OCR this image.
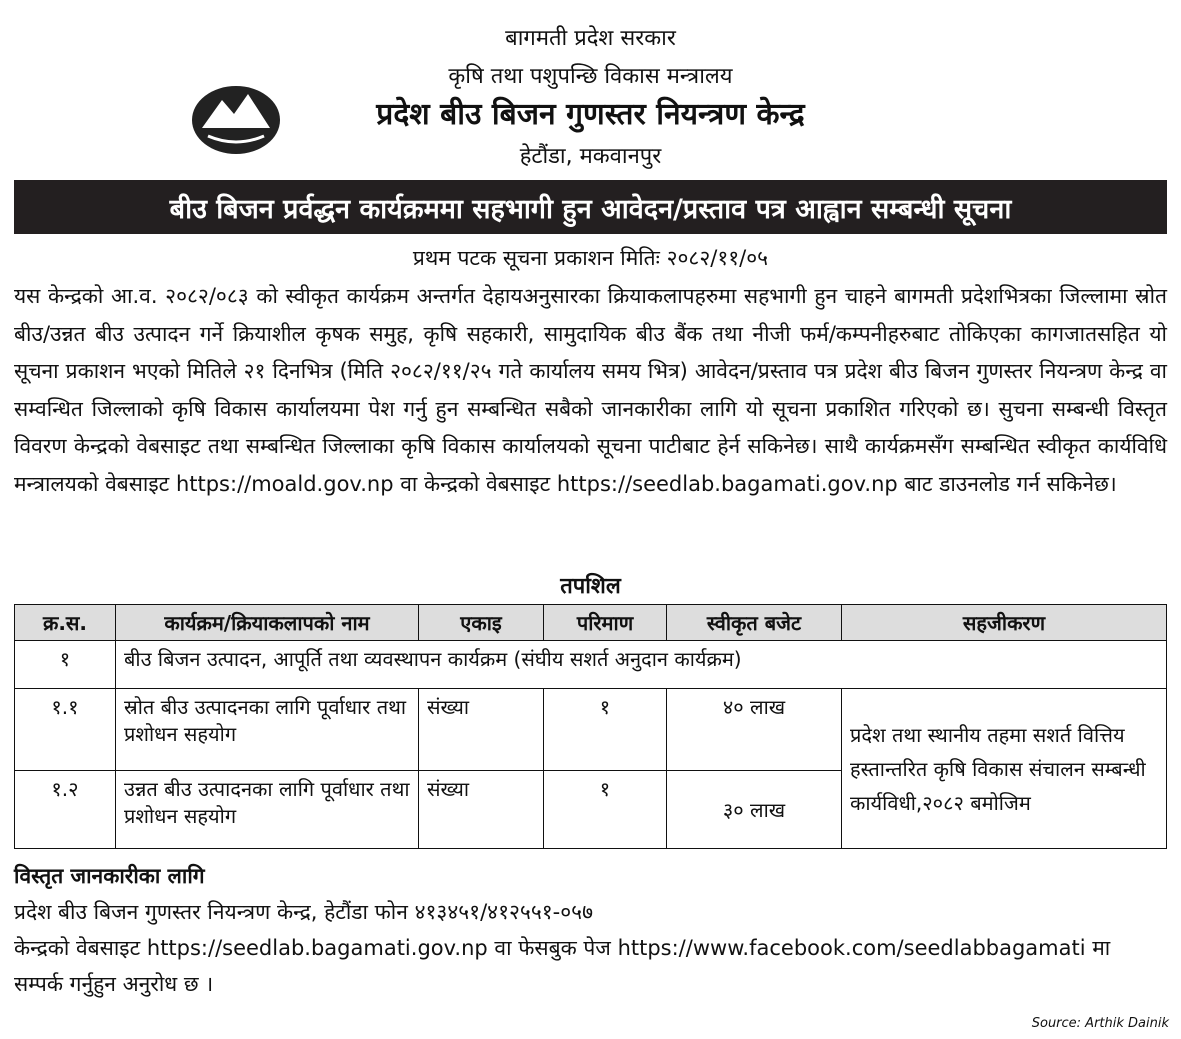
बागमती प्रदेश सरकार
कृषि तथा पशुपन्छि विकास मन्त्रालय
प्रदेश बीउ बिजन गुणस्तर नियन्त्रण केन्द्र
हेटौंडा, मकवानपुर
बीउ बिजन प्रर्वद्धन कार्यक्रममा सहभागी हुन आवेदन/प्रस्ताव पत्र आह्वान सम्बन्धी सूचना
प्रथम पटक सूचना प्रकाशन मितिः २०८२/११/०५
यस केन्द्रको आ.व. २०८२/०८३ को स्वीकृत कार्यक्रम अन्तर्गत देहायअनुसारका क्रियाकलापहरुमा सहभागी हुन चाहने बागमती प्रदेशभित्रका जिल्लामा स्रोत बीउ/उन्नत बीउ उत्पादन गर्ने क्रियाशील कृषक समुह, कृषि सहकारी, सामुदायिक बीउ बैंक तथा नीजी फर्म/कम्पनीहरुबाट तोकिएका कागजातसहित यो सूचना प्रकाशन भएको मितिले २१ दिनभित्र (मिति २०८२/११/२५ गते कार्यालय समय भित्र) आवेदन/प्रस्ताव पत्र प्रदेश बीउ बिजन गुणस्तर नियन्त्रण केन्द्र वा सम्वन्धित जिल्लाको कृषि विकास कार्यालयमा पेश गर्नु हुन सम्बन्धित सबैको जानकारीका लागि यो सूचना प्रकाशित गरिएको छ। सुचना सम्बन्धी विस्तृत विवरण केन्द्रको वेबसाइट तथा सम्बन्धित जिल्लाका कृषि विकास कार्यालयको सूचना पाटीबाट हेर्न सकिनेछ। साथै कार्यक्रमसँग सम्बन्धित स्वीकृत कार्यविधि मन्त्रालयको वेबसाइट https://moald.gov.np वा केन्द्रको वेबसाइट https://seedlab.bagamati.gov.np बाट डाउनलोड गर्न सकिनेछ।
तपशिल
क्र.स.	कार्यक्रम/क्रियाकलापको नाम	एकाइ	परिमाण	स्वीकृत बजेट	सहजीकरण
१	बीउ बिजन उत्पादन, आपूर्ति तथा व्यवस्थापन कार्यक्रम (संघीय सशर्त अनुदान कार्यक्रम)				
१.१	स्रोत बीउ उत्पादनका लागि पूर्वाधार तथा प्रशोधन सहयोग	संख्या	१	४० लाख	प्रदेश तथा स्थानीय तहमा सशर्त वित्तिय हस्तान्तरित कृषि विकास संचालन सम्बन्धी कार्यविधी,२०८२ बमोजिम
१.२	उन्नत बीउ उत्पादनका लागि पूर्वाधार तथा प्रशोधन सहयोग	संख्या	१	३० लाख	
विस्तृत जानकारीका लागि
प्रदेश बीउ बिजन गुणस्तर नियन्त्रण केन्द्र, हेटौंडा फोन ४१३४५१/४१२५५१-०५७
केन्द्रको वेबसाइट https://seedlab.bagamati.gov.np वा फेसबुक पेज https://www.facebook.com/seedlabbagamati मा
सम्पर्क गर्नुहुन अनुरोध छ ।
Source: Arthik Dainik
